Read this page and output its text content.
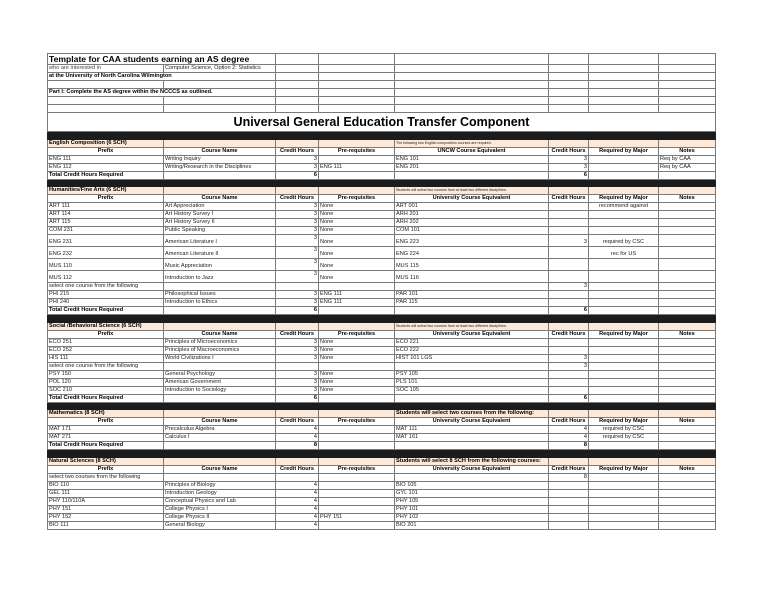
Template for CAA students earning an AS degree							
who are interested in	Computer Science, Option 2: Statistics						
at the University of North Carolina Wilmington							

Part I: Complete the AS degree within the NCCCS as outlined.							

Universal General Education Transfer Component							

English Composition (6 SCH)				The following two English composition courses are required.			
Prefix	Course Name	Credit Hours	Pre-requisites	UNCW Course Equivalent	Credit Hours	Required by Major	Notes
ENG 111	Writing Inquiry	3		ENG 101	3		Req by CAA
ENG 112	Writing/Research in the Disciplines	3	ENG 111	ENG 201	3		Req by CAA
Total Credit Hours Required		6			6		

Humanities/Fine Arts (6 SCH)				Students will select two courses from at least two different disciplines:			
Prefix	Course Name	Credit Hours	Pre-requisites	University Course Equivalent	Credit Hours	Required by Major	Notes
ART 111	Art Appreciation	3	None	ART 001		recommend against	
ART 114	Art History Survey I	3	None	ARH 201			
ART 115	Art History Survey II	3	None	ARH 202			
COM 231	Public Speaking	3	None	COM 101			
ENG 231	American Literature I	3	None	ENG 223	3	required by CSC	
ENG 232	American Literature II	3	None	ENG 224		rec for US	
MUS 110	Music Appreciation	3	None	MUS 115			
MUS 112	Introduction to Jazz	3	None	MUS 116			
select one course from the following					3		
PHI 215	Philosophical Issues	3	ENG 111	PAR 101			
PHI 240	Introduction to Ethics	3	ENG 111	PAR 115			
Total Credit Hours Required		6			6		

Social /Behavioral Science (6 SCH)				Students will select two courses from at least two different disciplines:			
Prefix	Course Name	Credit Hours	Pre-requisites	University Course Equivalent	Credit Hours	Required by Major	Notes
ECO 251	Principles of Microeconomics	3	None	ECO 221			
ECO 252	Principles of Macroeconomics	3	None	ECO 222			
HIS 111	World Civilizations I	3	None	HIST 101 LGS	3		
select one course from the following					3		
PSY 150	General Psychology	3	None	PSY 105			
POL 120	American Government	3	None	PLS 101			
SOC 210	Introduction to Sociology	3	None	SOC 105			
Total Credit Hours Required		6			6		

Mathematics (8 SCH)				Students will select two courses from the following:			
Prefix	Course Name	Credit Hours	Pre-requisites	University Course Equivalent	Credit Hours	Required by Major	Notes
MAT 171	Precalculus Algebra	4		MAT 111	4	required by CSC	
MAT 271	Calculus I	4		MAT 161	4	required by CSC	
Total Credit Hours Required		8			8		

Natural Sciences (8 SCH)				Students will select 8 SCH from the following courses:			
Prefix	Course Name	Credit Hours	Pre-requisites	University Course Equivalent	Credit Hours	Required by Major	Notes
select two courses from the following					8		
BIO 110	Principles of Biology	4		BIO 105			
GEL 111	Introduction Geology	4		GYL 101			
PHY 110/110A	Conceptual Physics and Lab	4		PHY 105			
PHY 151	College Physics I	4		PHY 101			
PHY 152	College Physics II	4	PHY 151	PHY 102			
BIO 111	General Biology	4		BIO 201			
